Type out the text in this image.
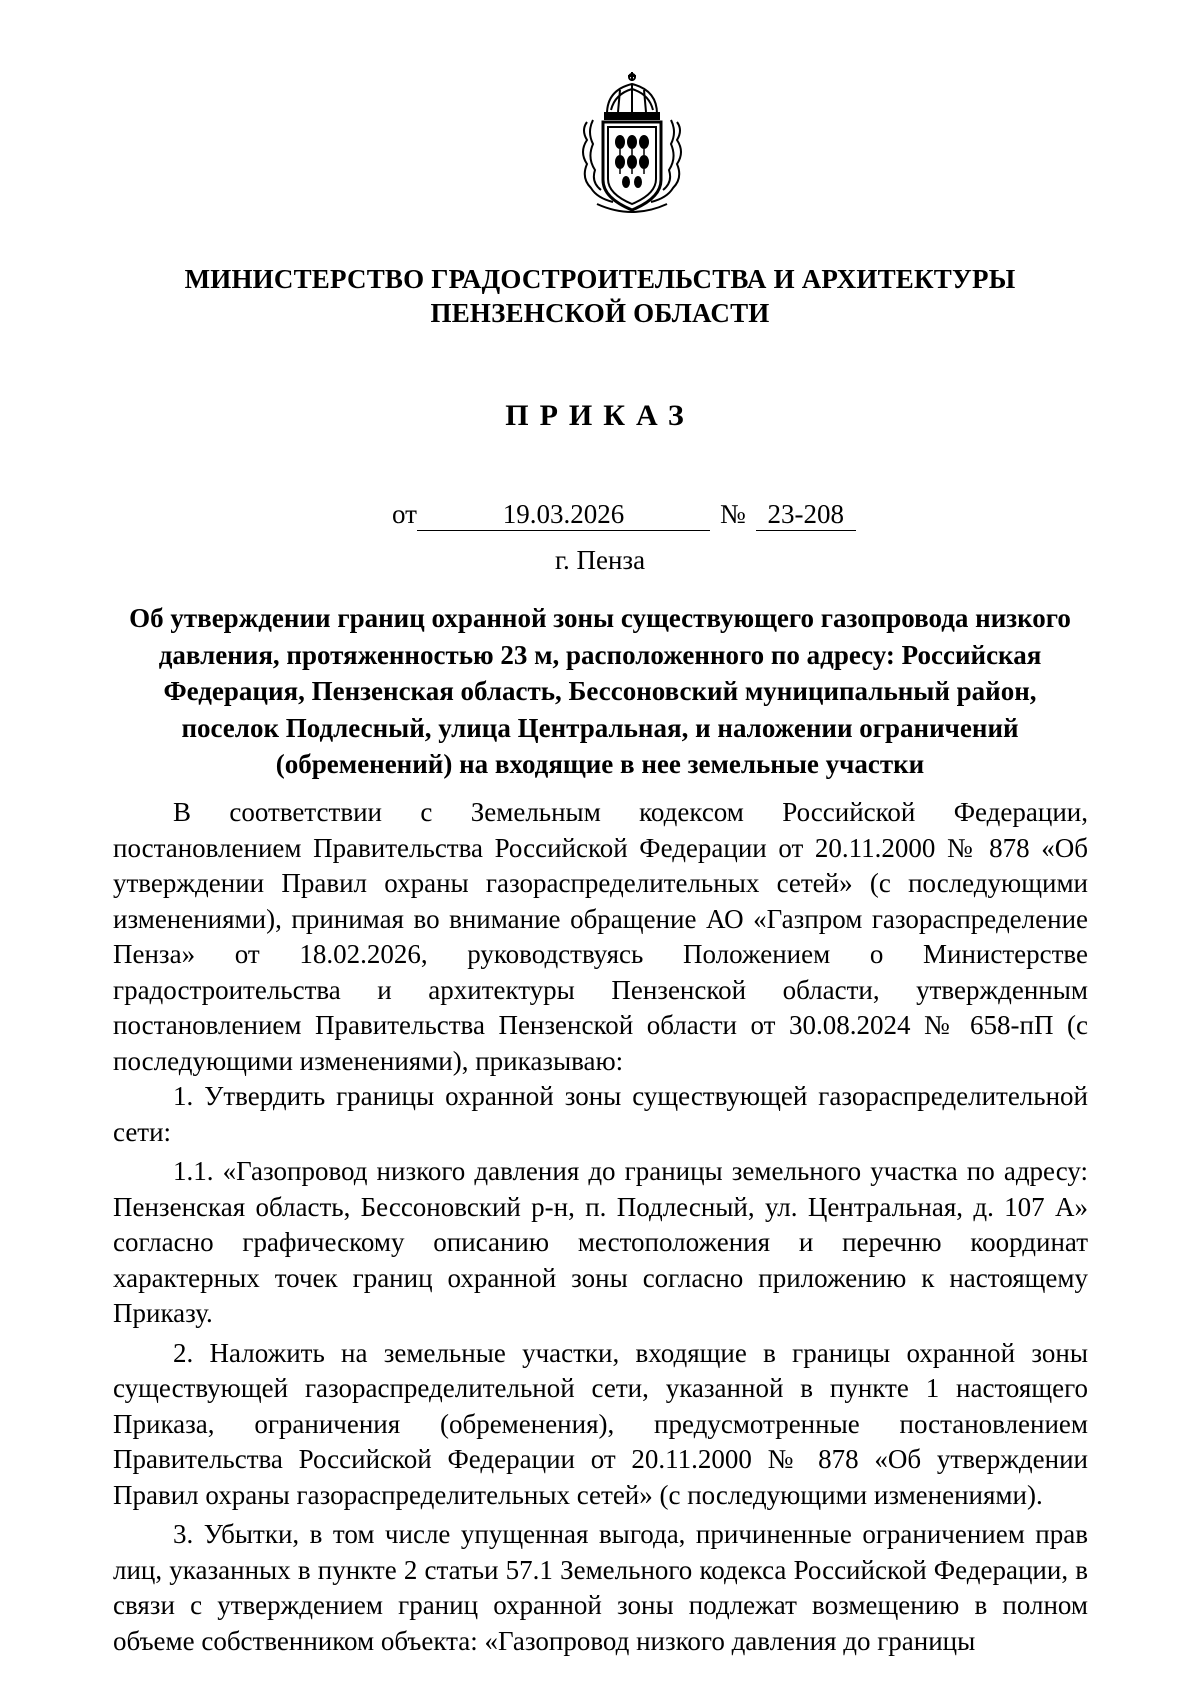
МИНИСТЕРСТВО ГРАДОСТРОИТЕЛЬСТВА И АРХИТЕКТУРЫ
ПЕНЗЕНСКОЙ ОБЛАСТИ
ПРИКАЗ
от	19.03.2026	№ 23-208
г. Пенза
Об утверждении границ охранной зоны существующего газопровода низкого давления, протяженностью 23 м, расположенного по адресу: Российская Федерация, Пензенская область, Бессоновский муниципальный район, поселок Подлесный, улица Центральная, и наложении ограничений (обременений) на входящие в нее земельные участки

В соответствии с Земельным кодексом Российской Федерации, постановлением Правительства Российской Федерации от 20.11.2000 № 878 «Об утверждении Правил охраны газораспределительных сетей» (с последующими изменениями), принимая во внимание обращение АО «Газпром газораспределение Пенза» от 18.02.2026, руководствуясь Положением о Министерстве градостроительства и архитектуры Пензенской области, утвержденным постановлением Правительства Пензенской области от 30.08.2024 № 658-пП (с последующими изменениями), приказываю:

1. Утвердить границы охранной зоны существующей газораспределительной сети:

1.1. «Газопровод низкого давления до границы земельного участка по адресу: Пензенская область, Бессоновский р-н, п. Подлесный, ул. Центральная, д. 107 А» согласно графическому описанию местоположения и перечню координат характерных точек границ охранной зоны согласно приложению к настоящему Приказу.

2. Наложить на земельные участки, входящие в границы охранной зоны существующей газораспределительной сети, указанной в пункте 1 настоящего Приказа, ограничения (обременения), предусмотренные постановлением Правительства Российской Федерации от 20.11.2000 № 878 «Об утверждении Правил охраны газораспределительных сетей» (с последующими изменениями).

3. Убытки, в том числе упущенная выгода, причиненные ограничением прав лиц, указанных в пункте 2 статьи 57.1 Земельного кодекса Российской Федерации, в связи с утверждением границ охранной зоны подлежат возмещению в полном объеме собственником объекта: «Газопровод низкого давления до границы
